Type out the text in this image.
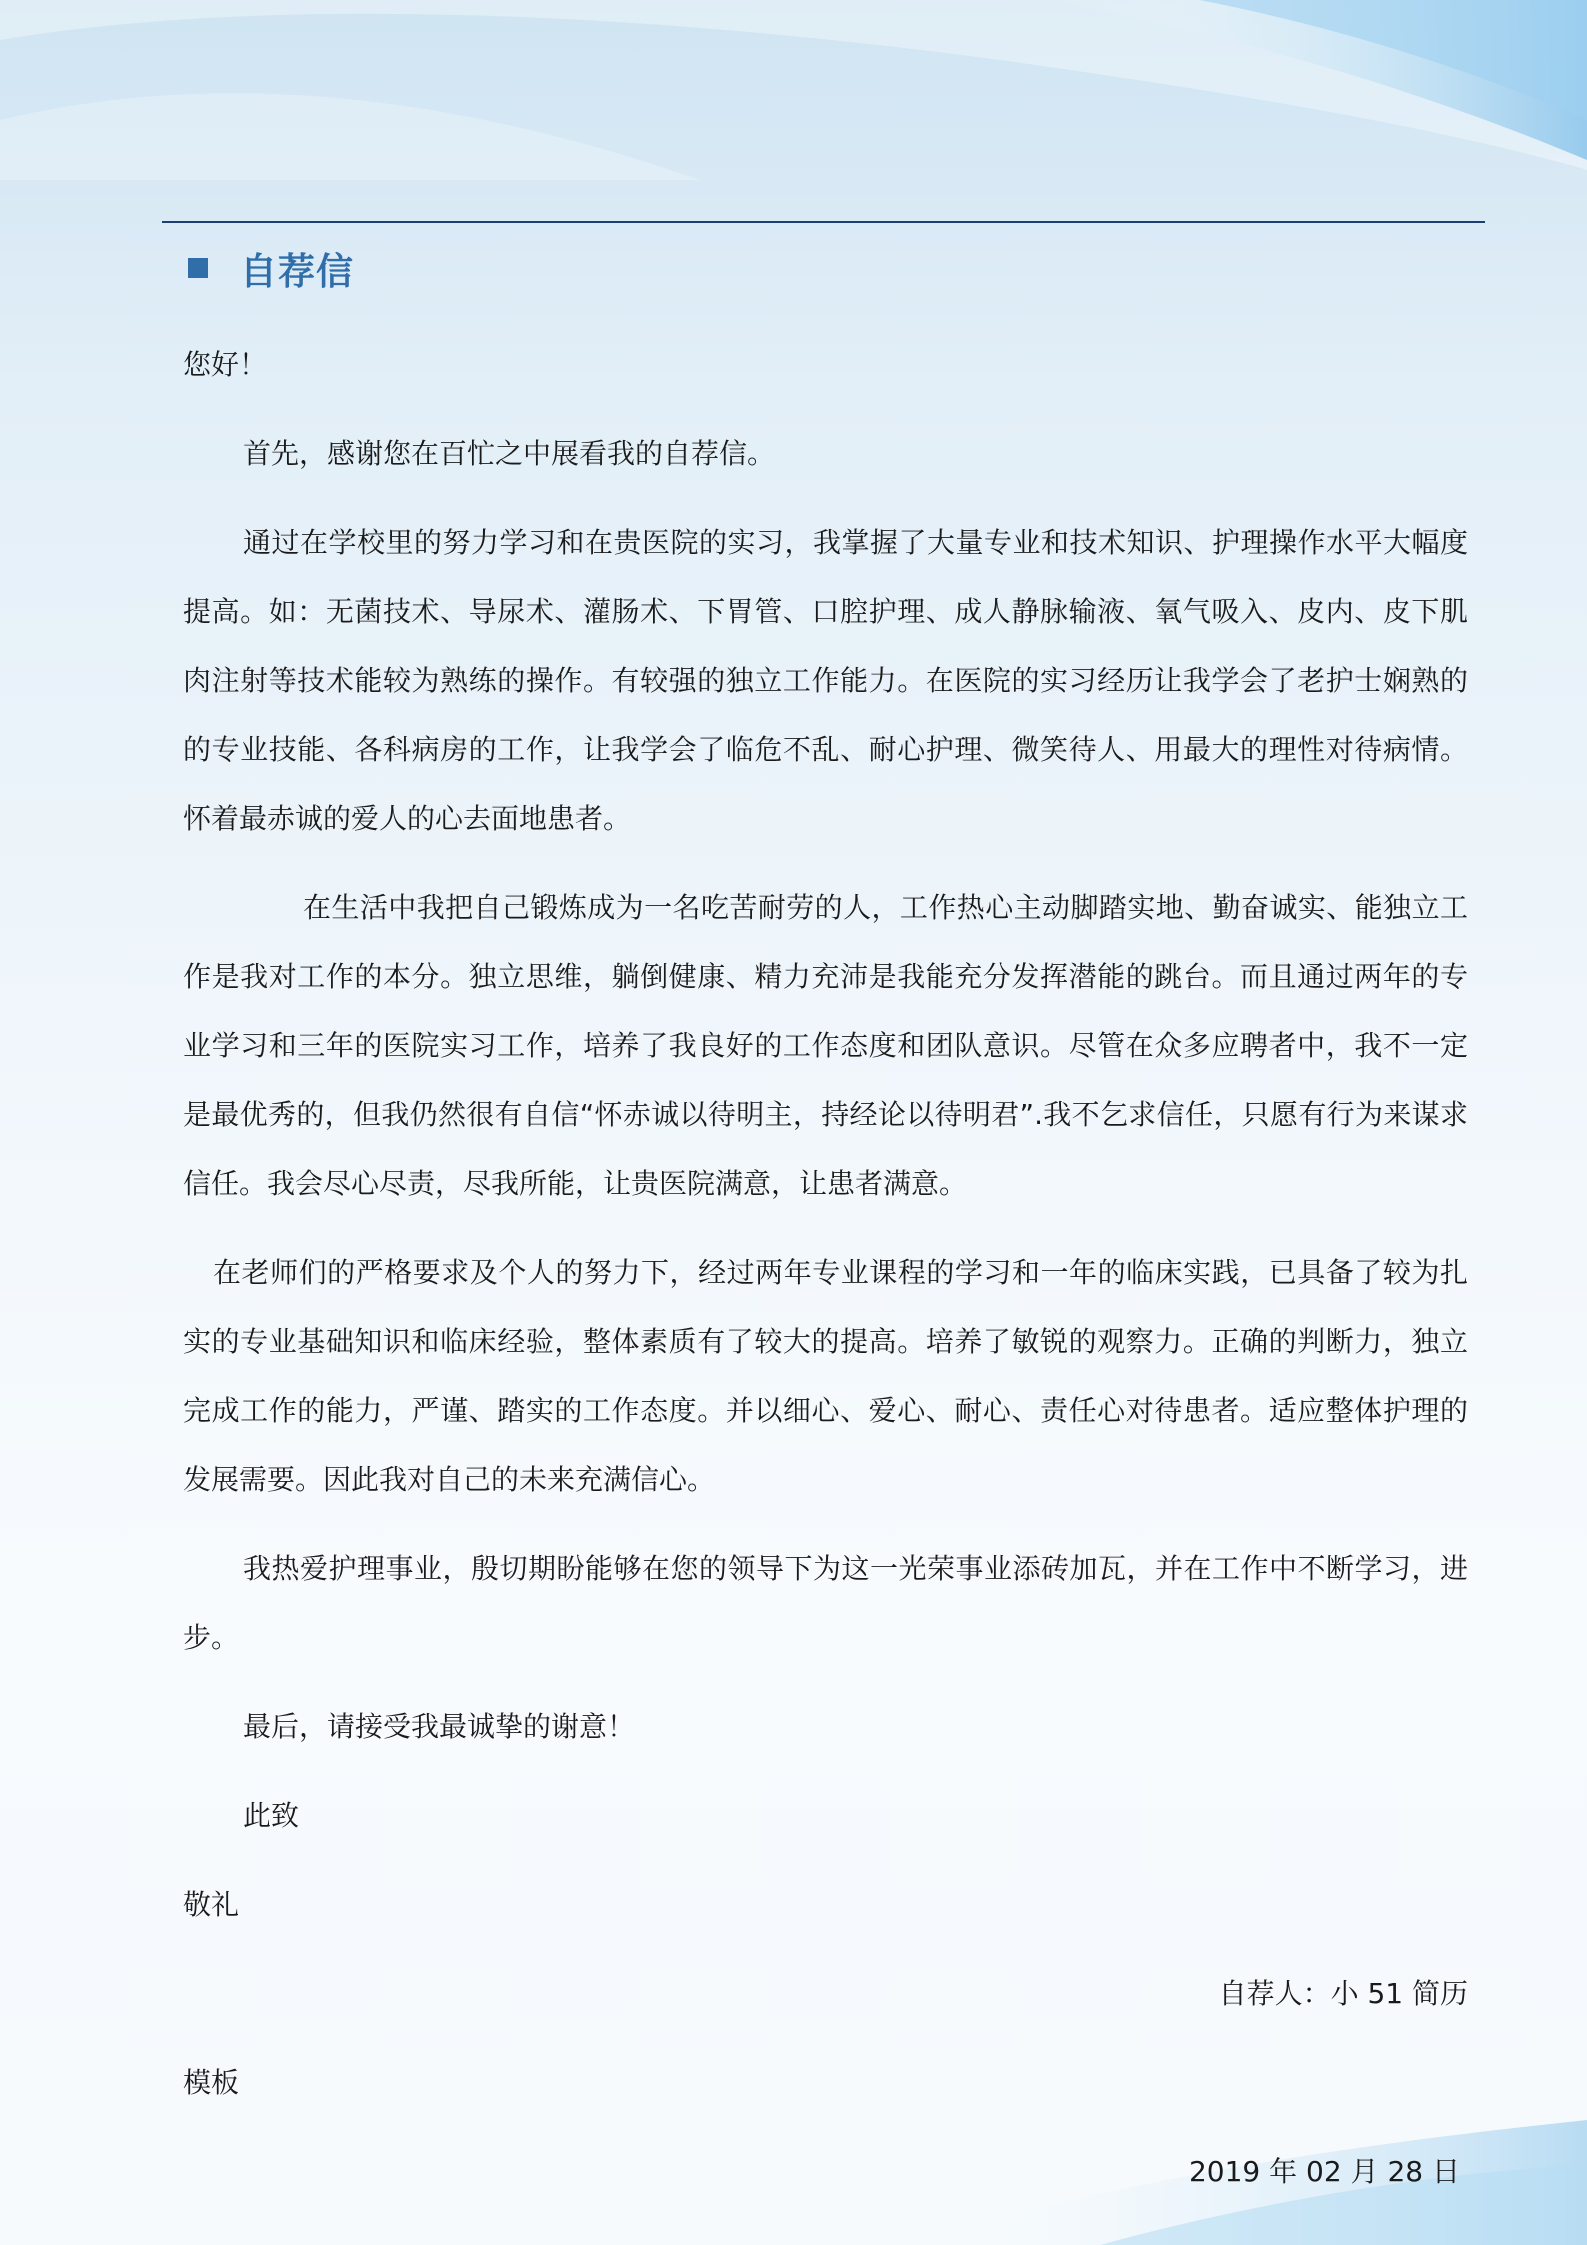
自荐信

您好！

首先，感谢您在百忙之中展看我的自荐信。

通过在学校里的努力学习和在贵医院的实习，我掌握了大量专业和技术知识、护理操作水平大幅度提高。如：无菌技术、导尿术、灌肠术、下胃管、口腔护理、成人静脉输液、氧气吸入、皮内、皮下肌肉注射等技术能较为熟练的操作。有较强的独立工作能力。在医院的实习经历让我学会了老护士娴熟的的专业技能、各科病房的工作，让我学会了临危不乱、耐心护理、微笑待人、用最大的理性对待病情。怀着最赤诚的爱人的心去面地患者。

在生活中我把自己锻炼成为一名吃苦耐劳的人，工作热心主动脚踏实地、勤奋诚实、能独立工作是我对工作的本分。独立思维，躺倒健康、精力充沛是我能充分发挥潜能的跳台。而且通过两年的专业学习和三年的医院实习工作，培养了我良好的工作态度和团队意识。尽管在众多应聘者中，我不一定是最优秀的，但我仍然很有自信“怀赤诚以待明主，持经论以待明君”.我不乞求信任，只愿有行为来谋求信任。我会尽心尽责，尽我所能，让贵医院满意，让患者满意。

在老师们的严格要求及个人的努力下，经过两年专业课程的学习和一年的临床实践，已具备了较为扎实的专业基础知识和临床经验，整体素质有了较大的提高。培养了敏锐的观察力。正确的判断力，独立完成工作的能力，严谨、踏实的工作态度。并以细心、爱心、耐心、责任心对待患者。适应整体护理的发展需要。因此我对自己的未来充满信心。

我热爱护理事业，殷切期盼能够在您的领导下为这一光荣事业添砖加瓦，并在工作中不断学习，进步。

最后，请接受我最诚挚的谢意！

此致

敬礼

自荐人：小 51 简历

模板

2019 年 02 月 28 日
